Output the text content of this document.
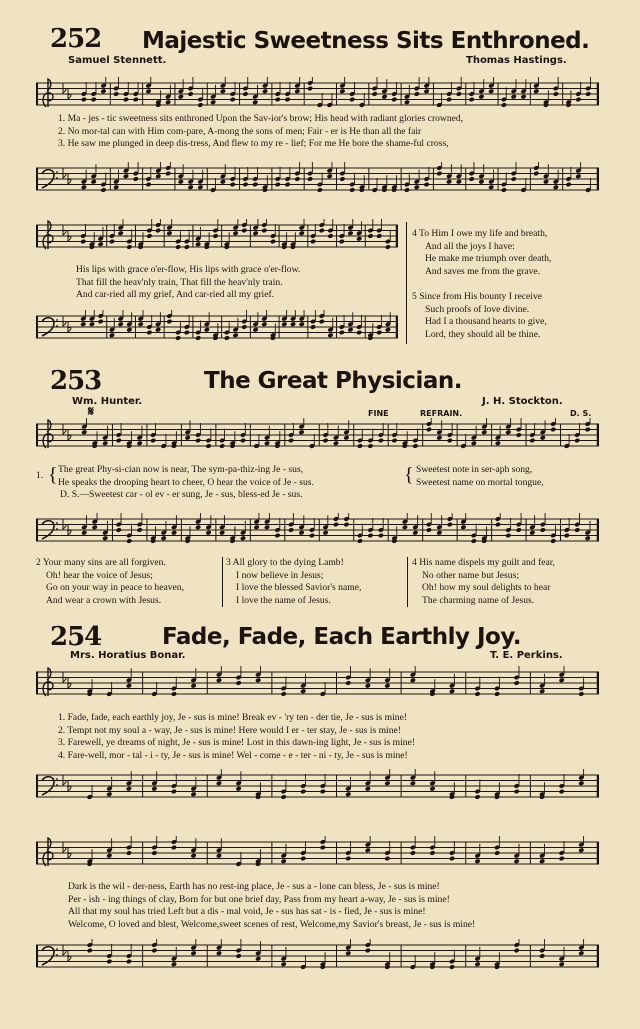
252 Majestic Sweetness Sits Enthroned.
Samuel Stennett.	Thomas Hastings.
1. Ma - jes - tic sweetness sits enthroned Upon the Sav-ior's brow; His head with radiant glories crowned,
2. No mor-tal can with Him com-pare, A-mong the sons of men; Fair - er is He than all the fair
3. He saw me plunged in deep dis-tress, And flew to my re - lief; For me He bore the shame-ful cross,
His lips with grace o'er-flow, His lips with grace o'er-flow.
That fill the heav'nly train, That fill the heav'nly train.
And car-ried all my grief, And car-ried all my grief.
4 To Him I owe my life and breath,
And all the joys I have:
He make me triumph over death,
And saves me from the grave.
5 Since from His bounty I receive
Such proofs of love divine.
Had I a thousand hearts to give,
Lord, they should all be thine.
253	The Great Physician.
Wm. Hunter.	J. H. Stockton.
𝄋	FINE	REFRAIN.	D. S.
1. { The great Phy-si-cian now is near, The sym-pa-thiz-ing Je - sus,
He speaks the drooping heart to cheer, O hear the voice of Je - sus.
D. S.—Sweetest car - ol ev - er sung, Je - sus, bless-ed Je - sus.
{ Sweetest note in ser-aph song,
Sweetest name on mortal tongue,
2 Your many sins are all forgiven.
Oh! hear the voice of Jesus;
Go on your way in peace to heaven,
And wear a crown with Jesus.
3 All glory to the dying Lamb!
I now believe in Jesus;
I love the blessed Savior's name,
I love the name of Jesus.
4 His name dispels my guilt and fear,
No other name but Jesus;
Oh! how my soul delights to hear
The charming name of Jesus.
254	Fade, Fade, Each Earthly Joy.
Mrs. Horatius Bonar.	T. E. Perkins.
1. Fade, fade, each earthly joy, Je - sus is mine! Break ev - 'ry ten - der tie, Je - sus is mine!
2. Tempt not my soul a - way, Je - sus is mine! Here would I er - ter stay, Je - sus is mine!
3. Farewell, ye dreams of night, Je - sus is mine! Lost in this dawn-ing light, Je - sus is mine!
4. Fare-well, mor - tal - i - ty, Je - sus is mine! Wel - come - e - ter - ni - ty, Je - sus is mine!
Dark is the wil - der-ness, Earth has no rest-ing place, Je - sus a - lone can bless, Je - sus is mine!
Per - ish - ing things of clay, Born for but one brief day, Pass from my heart a-way, Je - sus is mine!
All that my soul has tried Left but a dis - mal void, Je - sus has sat - is - fied, Je - sus is mine!
Welcome, O loved and blest, Welcome,sweet scenes of rest, Welcome,my Savior's breast, Je - sus is mine!
